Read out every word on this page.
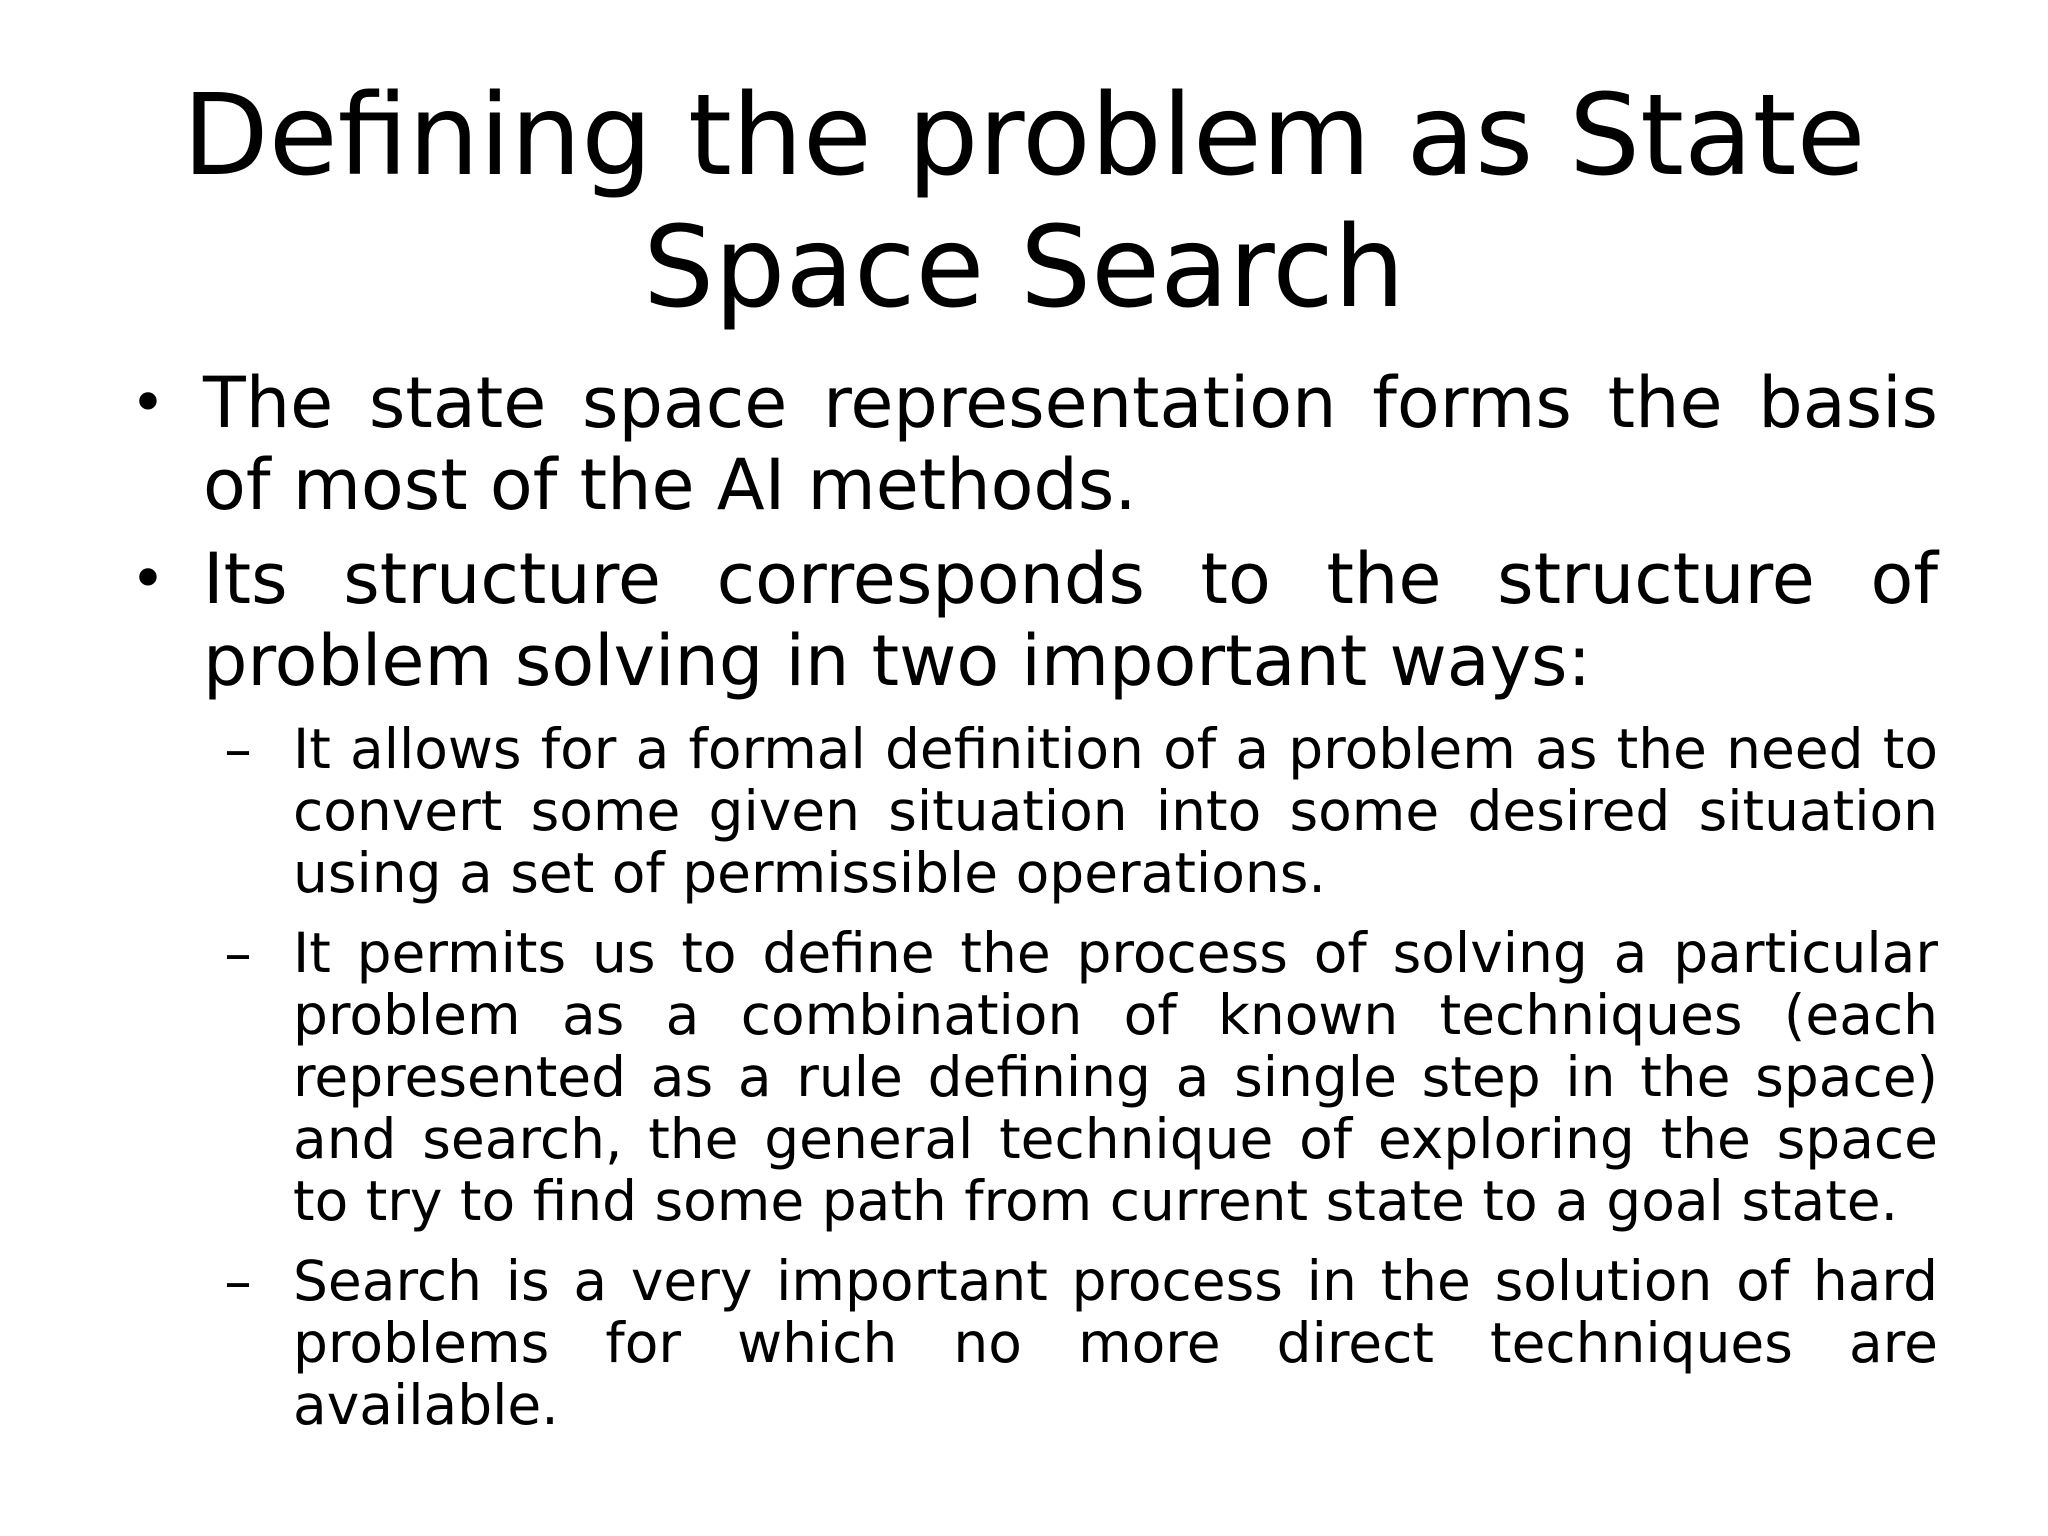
Defining the problem as State Space Search
• The state space representation forms the basis of most of the AI methods.
• Its structure corresponds to the structure of problem solving in two important ways:
– It allows for a formal definition of a problem as the need to convert some given situation into some desired situation using a set of permissible operations.
– It permits us to define the process of solving a particular problem as a combination of known techniques (each represented as a rule defining a single step in the space) and search, the general technique of exploring the space to try to find some path from current state to a goal state.
– Search is a very important process in the solution of hard problems for which no more direct techniques are available.
